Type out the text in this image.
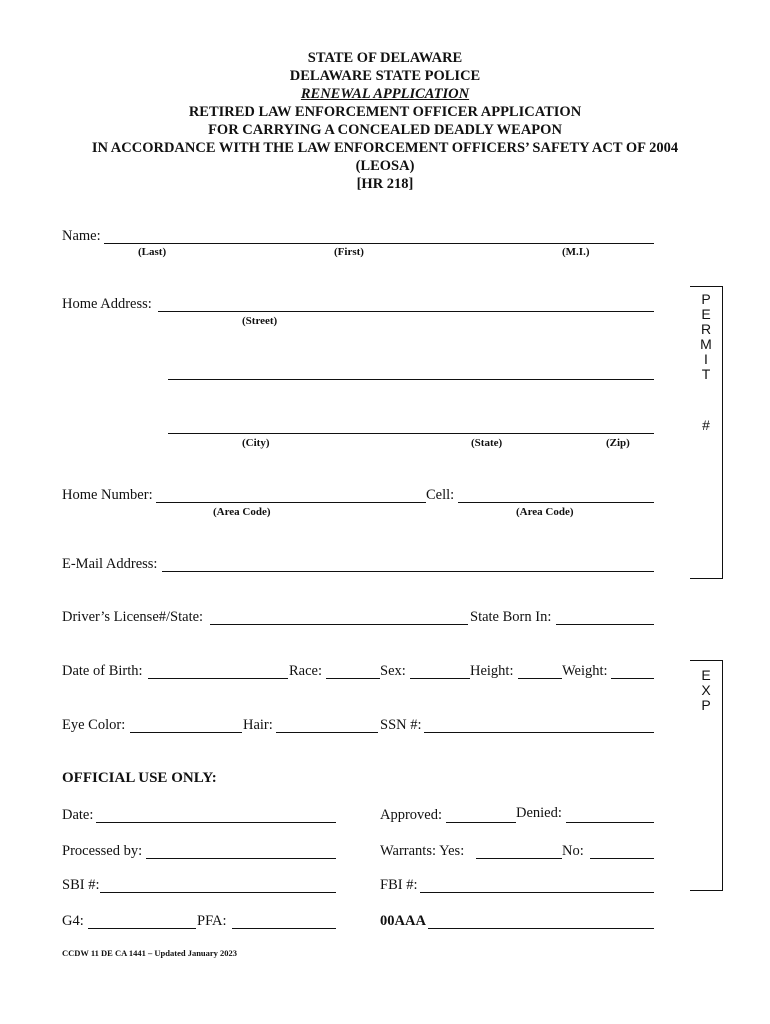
STATE OF DELAWARE
DELAWARE STATE POLICE
RENEWAL APPLICATION
RETIRED LAW ENFORCEMENT OFFICER APPLICATION
FOR CARRYING A CONCEALED DEADLY WEAPON
IN ACCORDANCE WITH THE LAW ENFORCEMENT OFFICERS’ SAFETY ACT OF 2004
(LEOSA)
[HR 218]
Name:
(Last)	(First)	(M.I.)
Home Address:
(Street)
(City)	(State)	(Zip)
Home Number:	Cell:
(Area Code)	(Area Code)
E-Mail Address:
Driver’s License#/State:	State Born In:
Date of Birth:	Race:	Sex:	Height:	Weight:
Eye Color:	Hair:	SSN #:
OFFICIAL USE ONLY:
Date:	Approved:	Denied:
Processed by:	Warrants: Yes:	No:
SBI #:	FBI #:
G4:	PFA:	00AAA
CCDW 11 DE CA 1441 – Updated January 2023
P
E
R
M
I
T
#
E
X
P
